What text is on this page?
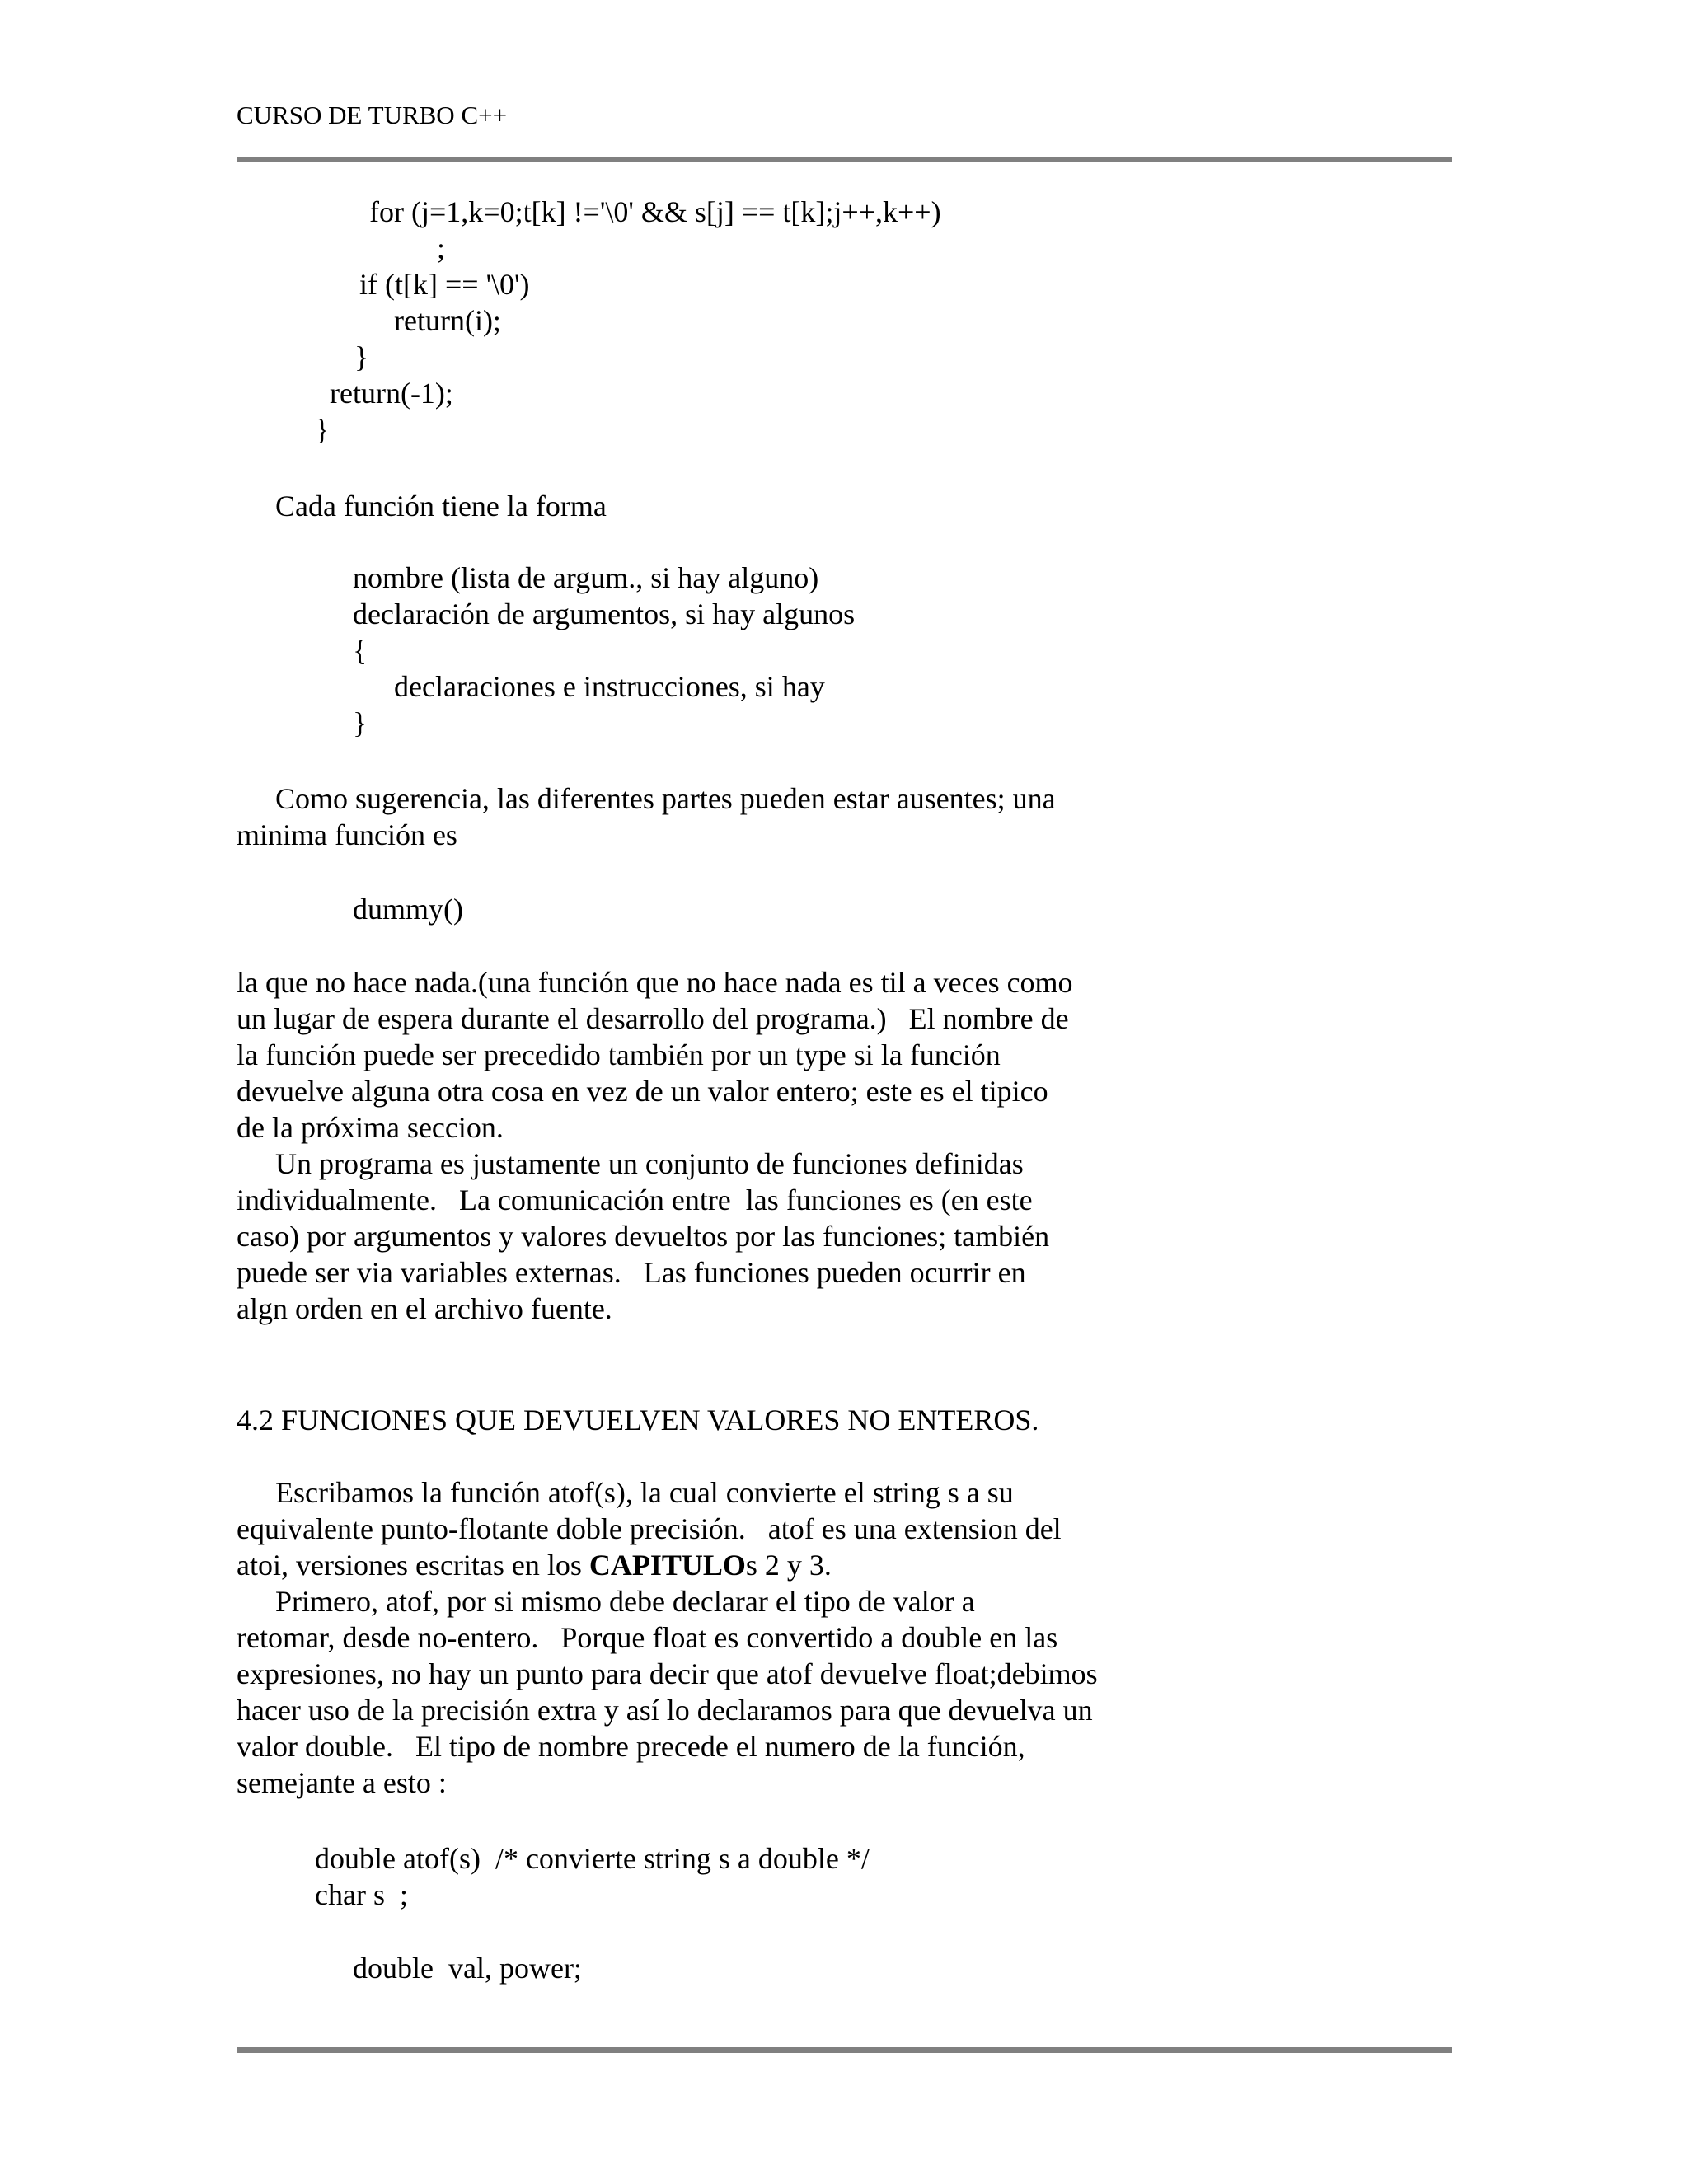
CURSO DE TURBO C++
for (j=1,k=0;t[k] !='\0' && s[j] == t[k];j++,k++)
;
if (t[k] == '\0')
return(i);
}
return(-1);
}
Cada función tiene la forma
nombre (lista de argum., si hay alguno)
declaración de argumentos, si hay algunos
{
declaraciones e instrucciones, si hay
}
Como sugerencia, las diferentes partes pueden estar ausentes; una
minima función es
dummy()
la que no hace nada.(una función que no hace nada es til a veces como
un lugar de espera durante el desarrollo del programa.)   El nombre de
la función puede ser precedido también por un type si la función
devuelve alguna otra cosa en vez de un valor entero; este es el tipico
de la próxima seccion.
Un programa es justamente un conjunto de funciones definidas
individualmente.   La comunicación entre  las funciones es (en este
caso) por argumentos y valores devueltos por las funciones; también
puede ser via variables externas.   Las funciones pueden ocurrir en
algn orden en el archivo fuente.
4.2 FUNCIONES QUE DEVUELVEN VALORES NO ENTEROS.
Escribamos la función atof(s), la cual convierte el string s a su
equivalente punto-flotante doble precisión.   atof es una extension del
atoi, versiones escritas en los CAPITULOs 2 y 3.
Primero, atof, por si mismo debe declarar el tipo de valor a
retomar, desde no-entero.   Porque float es convertido a double en las
expresiones, no hay un punto para decir que atof devuelve float;debimos
hacer uso de la precisión extra y así lo declaramos para que devuelva un
valor double.   El tipo de nombre precede el numero de la función,
semejante a esto :
double atof(s)  /* convierte string s a double */
char s  ;
double  val, power;
